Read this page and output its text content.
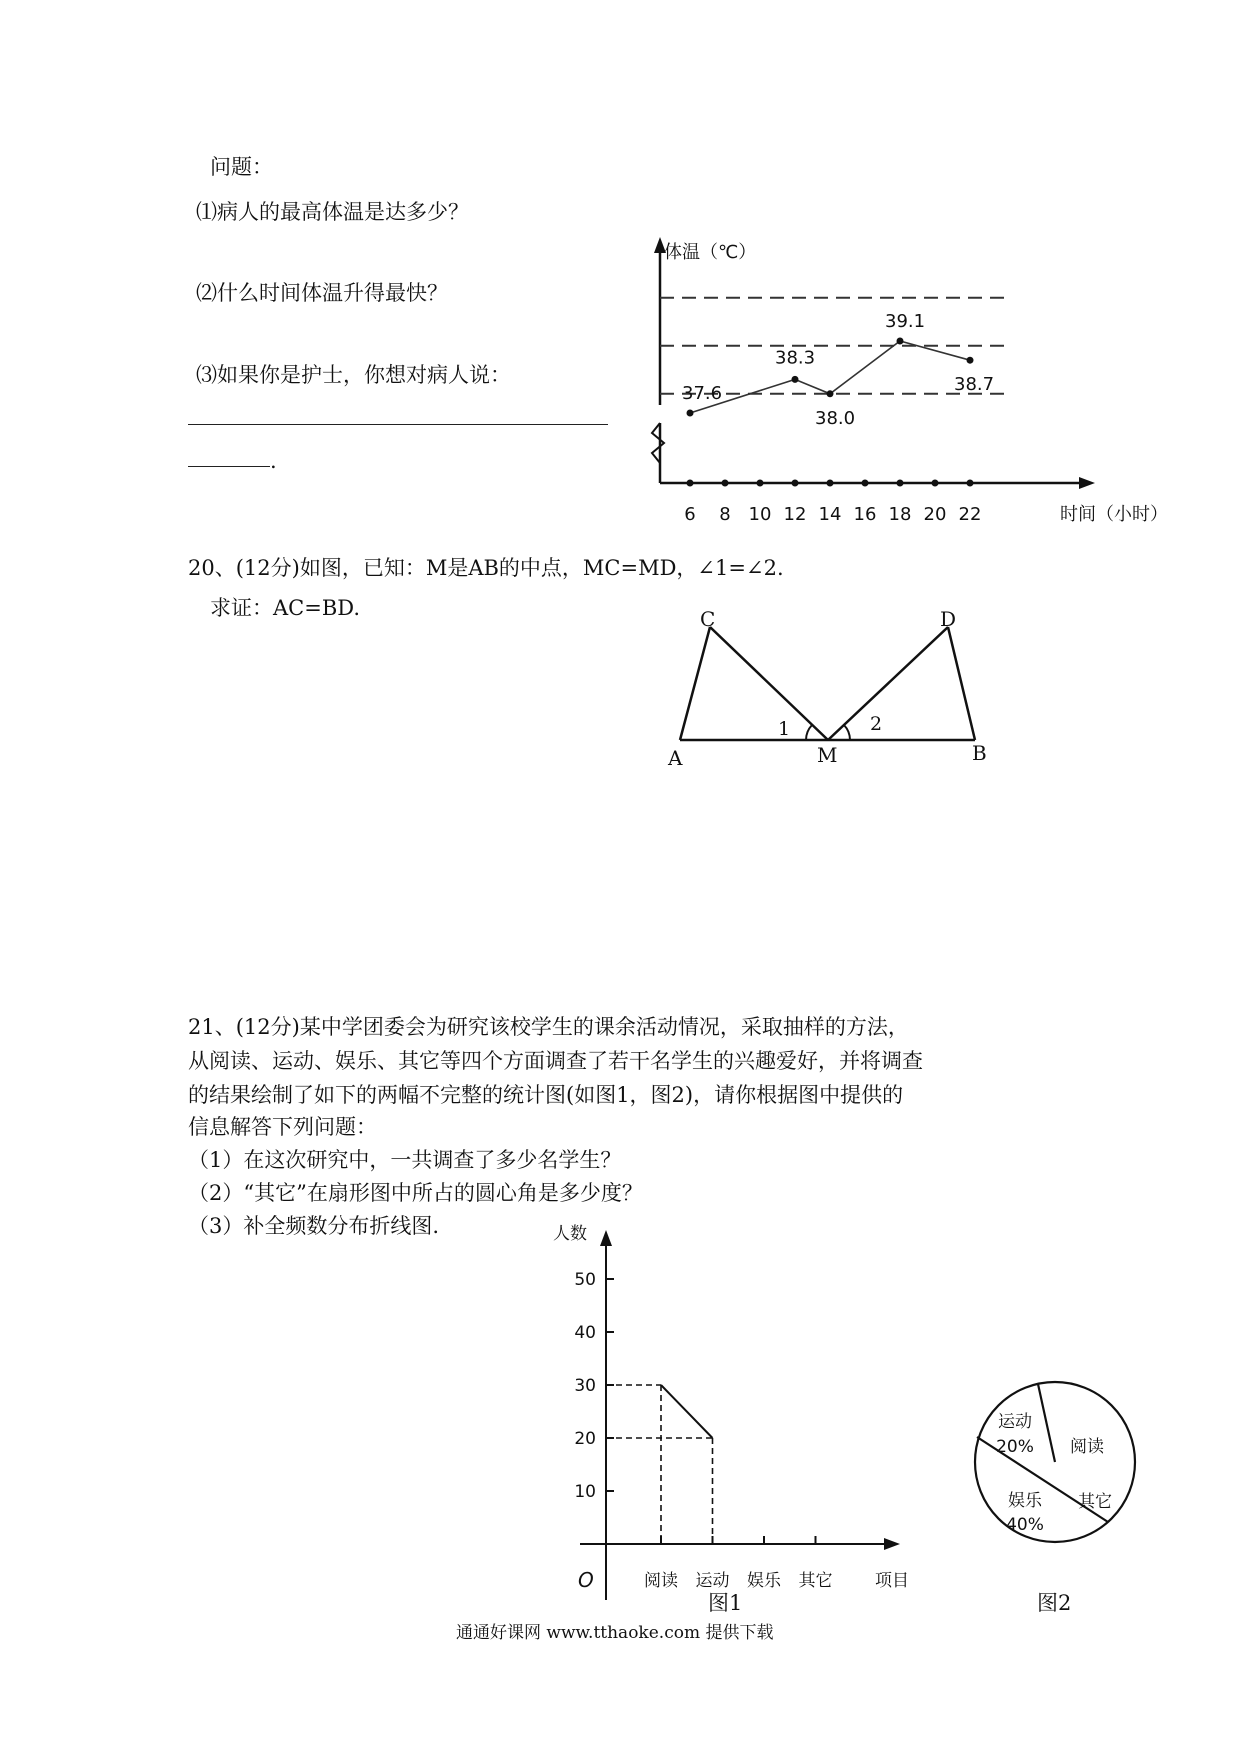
问题：
⑴病人的最高体温是达多少？
⑵什么时间体温升得最快？
⑶如果你是护士，你想对病人说：
.
6 8 10 12 14 16 18 20 22	时间（小时）
体温（℃）
37.6
38.3
38.0
39.1
38.7
20、(12分)如图，已知：M是AB的中点，MC=MD，∠1=∠2.
求证：AC=BD.
A	B
C	D
M
1	2
21、(12分)某中学团委会为研究该校学生的课余活动情况，采取抽样的方法，
从阅读、运动、娱乐、其它等四个方面调查了若干名学生的兴趣爱好，并将调查
的结果绘制了如下的两幅不完整的统计图(如图1，图2)，请你根据图中提供的
信息解答下列问题：
（1）在这次研究中，一共调查了多少名学生？
（2）“其它”在扇形图中所占的圆心角是多少度？
（3）补全频数分布折线图.	人数
项目
O
10
20
30
40
50
阅读 运动 娱乐 其它
运动
20% 阅读
其它
娱乐
40%
图1	图2
通通好课网 www.tthaoke.com 提供下载
